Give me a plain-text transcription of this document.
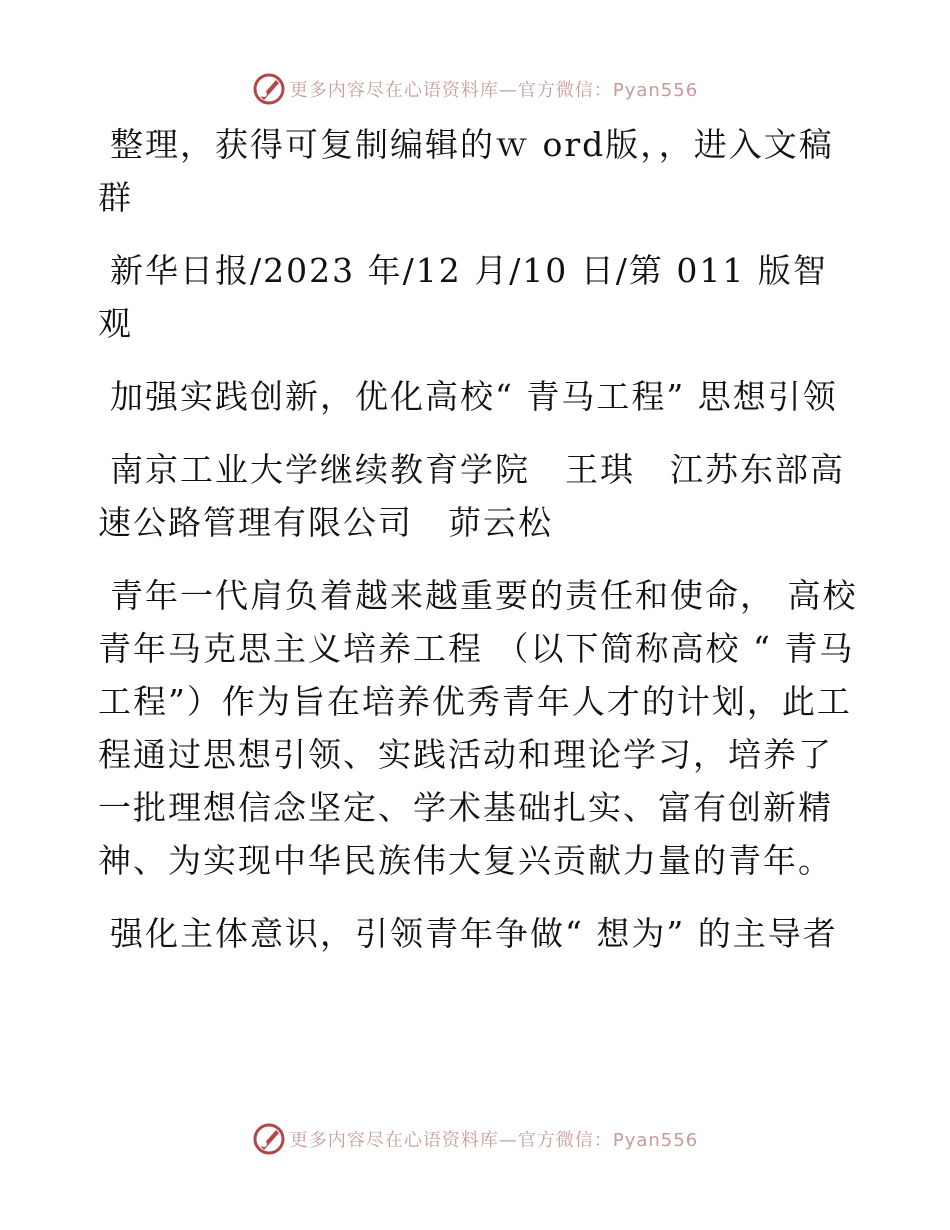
更多内容尽在心语资料库—官方微信：Pyan556

整理，获得可复制编辑的ｗ ord版，，进入文稿群

新华日报/2023 年/12 月/10 日/第 011 版智观

加强实践创新，优化高校“ 青马工程” 思想引领

南京工业大学继续教育学院　王琪　江苏东部高速公路管理有限公司　茆云松

青年一代肩负着越来越重要的责任和使命， 高校青年马克思主义培养工程 （以下简称高校 “ 青马工程”）作为旨在培养优秀青年人才的计划，此工程通过思想引领、实践活动和理论学习，培养了一批理想信念坚定、学术基础扎实、富有创新精神、为实现中华民族伟大复兴贡献力量的青年。

强化主体意识，引领青年争做“ 想为” 的主导者

更多内容尽在心语资料库—官方微信：Pyan556
